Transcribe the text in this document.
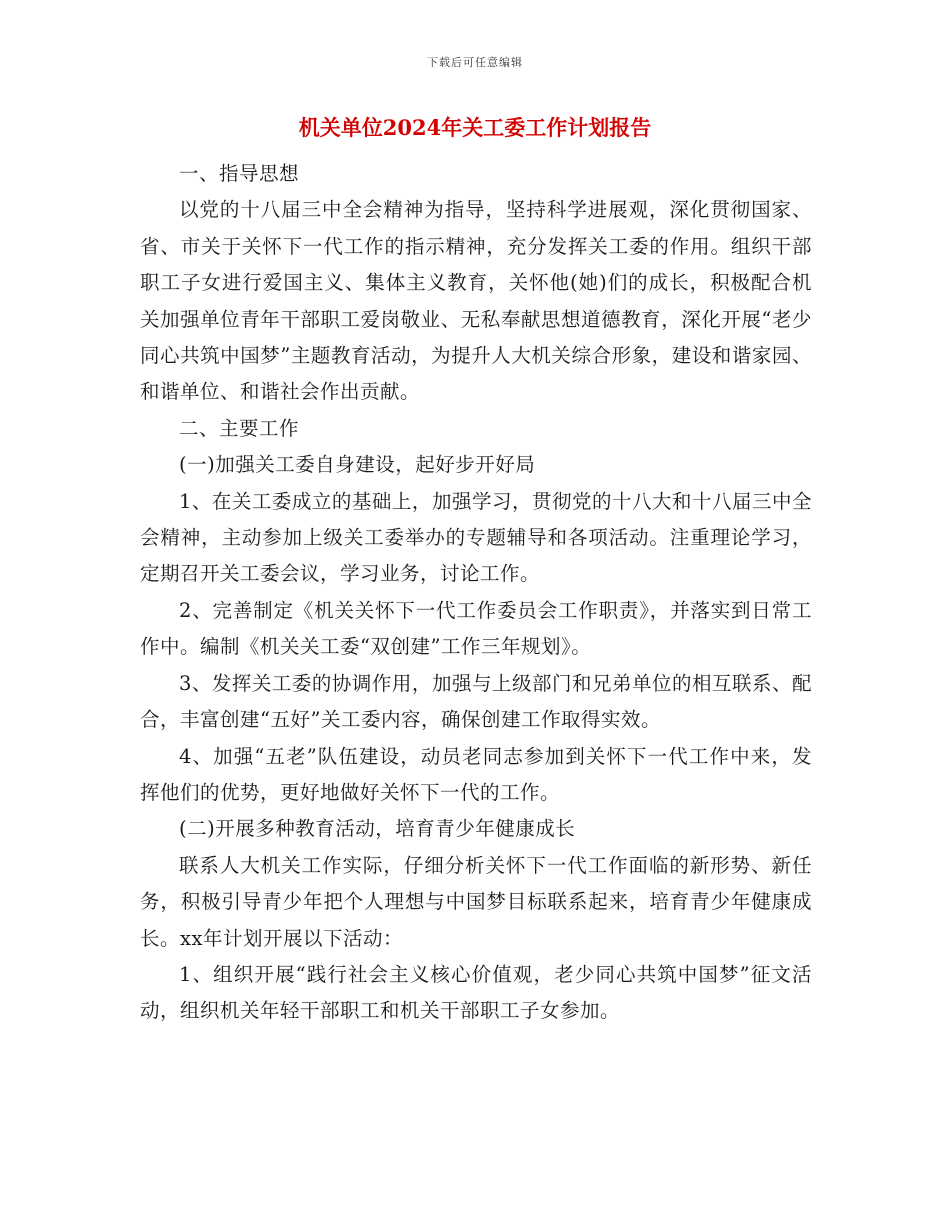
下载后可任意编辑
机关单位2024年关工委工作计划报告

一、指导思想

以党的十八届三中全会精神为指导，坚持科学进展观，深化贯彻国家、省、市关于关怀下一代工作的指示精神，充分发挥关工委的作用。组织干部职工子女进行爱国主义、集体主义教育，关怀他(她)们的成长，积极配合机关加强单位青年干部职工爱岗敬业、无私奉献思想道德教育，深化开展“老少同心共筑中国梦”主题教育活动，为提升人大机关综合形象，建设和谐家园、和谐单位、和谐社会作出贡献。

二、主要工作

(一)加强关工委自身建设，起好步开好局

1、在关工委成立的基础上，加强学习，贯彻党的十八大和十八届三中全会精神，主动参加上级关工委举办的专题辅导和各项活动。注重理论学习，定期召开关工委会议，学习业务，讨论工作。

2、完善制定《机关关怀下一代工作委员会工作职责》，并落实到日常工作中。编制《机关关工委“双创建”工作三年规划》。

3、发挥关工委的协调作用，加强与上级部门和兄弟单位的相互联系、配合，丰富创建“五好”关工委内容，确保创建工作取得实效。

4、加强“五老”队伍建设，动员老同志参加到关怀下一代工作中来，发挥他们的优势，更好地做好关怀下一代的工作。

(二)开展多种教育活动，培育青少年健康成长

联系人大机关工作实际，仔细分析关怀下一代工作面临的新形势、新任务，积极引导青少年把个人理想与中国梦目标联系起来，培育青少年健康成长。xx年计划开展以下活动：

1、组织开展“践行社会主义核心价值观，老少同心共筑中国梦”征文活动，组织机关年轻干部职工和机关干部职工子女参加。
